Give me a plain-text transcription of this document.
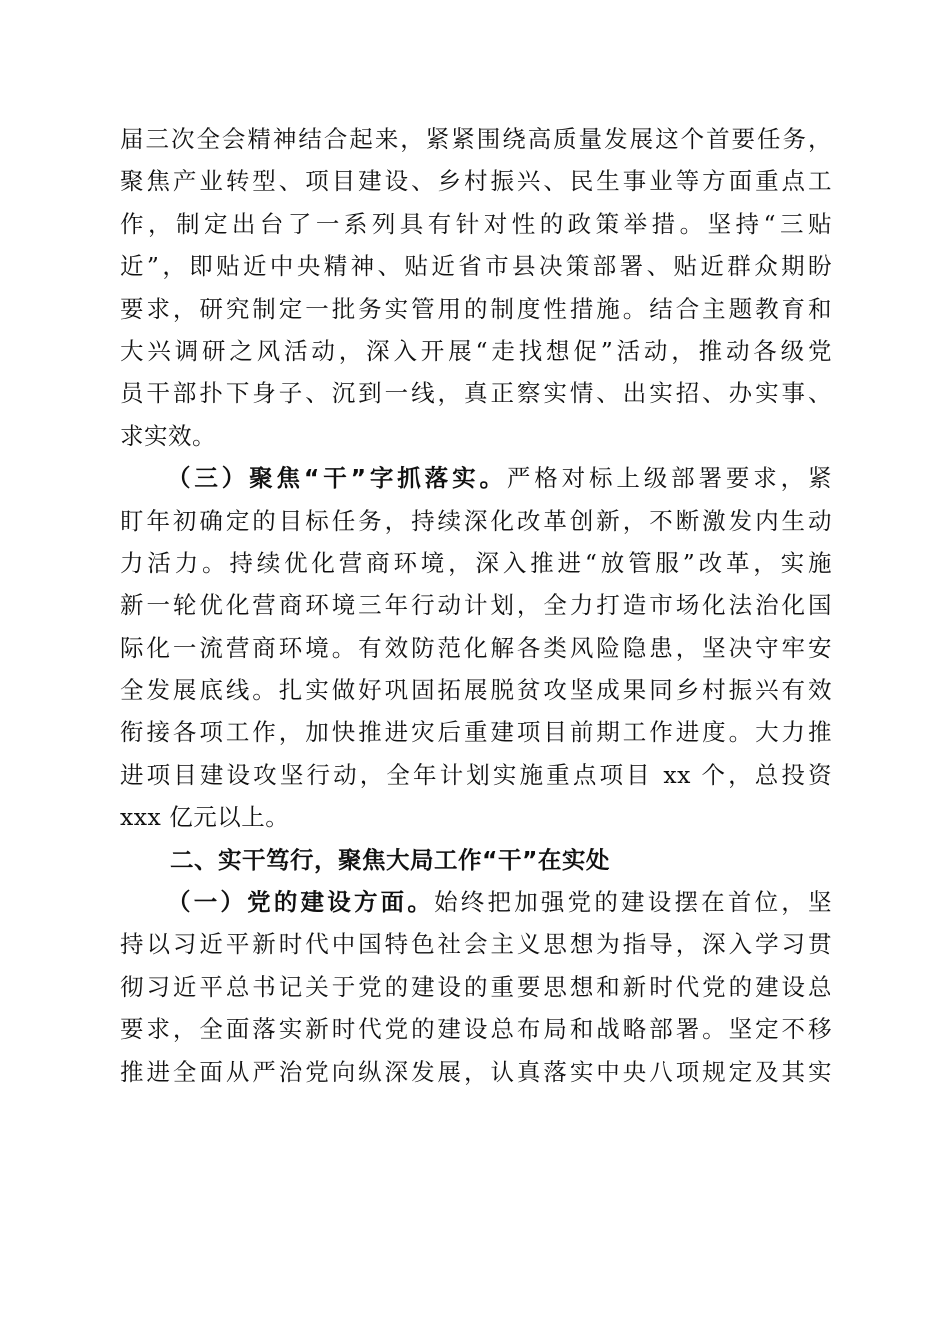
届三次全会精神结合起来，紧紧围绕高质量发展这个首要任务，
聚焦产业转型、项目建设、乡村振兴、民生事业等方面重点工
作，制定出台了一系列具有针对性的政策举措。坚持“三贴
近”，即贴近中央精神、贴近省市县决策部署、贴近群众期盼
要求，研究制定一批务实管用的制度性措施。结合主题教育和
大兴调研之风活动，深入开展“走找想促”活动，推动各级党
员干部扑下身子、沉到一线，真正察实情、出实招、办实事、
求实效。
（三）聚焦“干”字抓落实。严格对标上级部署要求，紧
盯年初确定的目标任务，持续深化改革创新，不断激发内生动
力活力。持续优化营商环境，深入推进“放管服”改革，实施
新一轮优化营商环境三年行动计划，全力打造市场化法治化国
际化一流营商环境。有效防范化解各类风险隐患，坚决守牢安
全发展底线。扎实做好巩固拓展脱贫攻坚成果同乡村振兴有效
衔接各项工作，加快推进灾后重建项目前期工作进度。大力推
进项目建设攻坚行动，全年计划实施重点项目 xx 个，总投资
xxx 亿元以上。
二、实干笃行，聚焦大局工作“干”在实处
（一）党的建设方面。始终把加强党的建设摆在首位，坚
持以习近平新时代中国特色社会主义思想为指导，深入学习贯
彻习近平总书记关于党的建设的重要思想和新时代党的建设总
要求，全面落实新时代党的建设总布局和战略部署。坚定不移
推进全面从严治党向纵深发展，认真落实中央八项规定及其实
